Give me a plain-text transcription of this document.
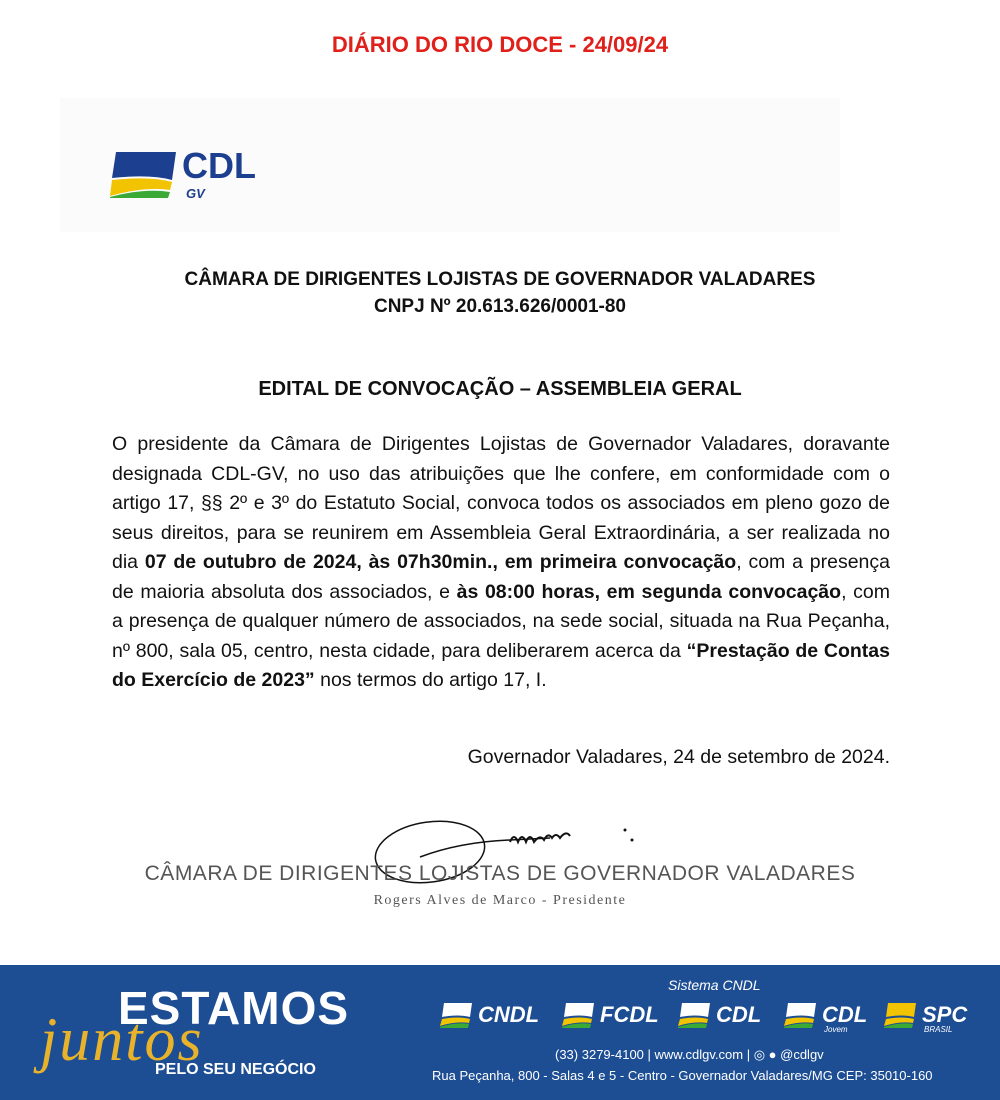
DIÁRIO DO RIO DOCE - 24/09/24
CDL
GV
CÂMARA DE DIRIGENTES LOJISTAS DE GOVERNADOR VALADARES
CNPJ Nº 20.613.626/0001-80
EDITAL DE CONVOCAÇÃO – ASSEMBLEIA GERAL

O presidente da Câmara de Dirigentes Lojistas de Governador Valadares, doravante designada CDL-GV, no uso das atribuições que lhe confere, em conformidade com o artigo 17, §§ 2º e 3º do Estatuto Social, convoca todos os associados em pleno gozo de seus direitos, para se reunirem em Assembleia Geral Extraordinária, a ser realizada no dia 07 de outubro de 2024, às 07h30min., em primeira convocação, com a presença de maioria absoluta dos associados, e às 08:00 horas, em segunda convocação, com a presença de qualquer número de associados, na sede social, situada na Rua Peçanha, nº 800, sala 05, centro, nesta cidade, para deliberarem acerca da “Prestação de Contas do Exercício de 2023” nos termos do artigo 17, I.

Governador Valadares, 24 de setembro de 2024.
CÂMARA DE DIRIGENTES LOJISTAS DE GOVERNADOR VALADARES
Rogers Alves de Marco - Presidente
juntos
ESTAMOS
PELO SEU NEGÓCIO
Sistema CNDL
CNDL	FCDL	CDL	CDL
Jovem
SPC
BRASIL
(33) 3279-4100 | www.cdlgv.com | ◎ ● @cdlgv
Rua Peçanha, 800 - Salas 4 e 5 - Centro - Governador Valadares/MG CEP: 35010-160
